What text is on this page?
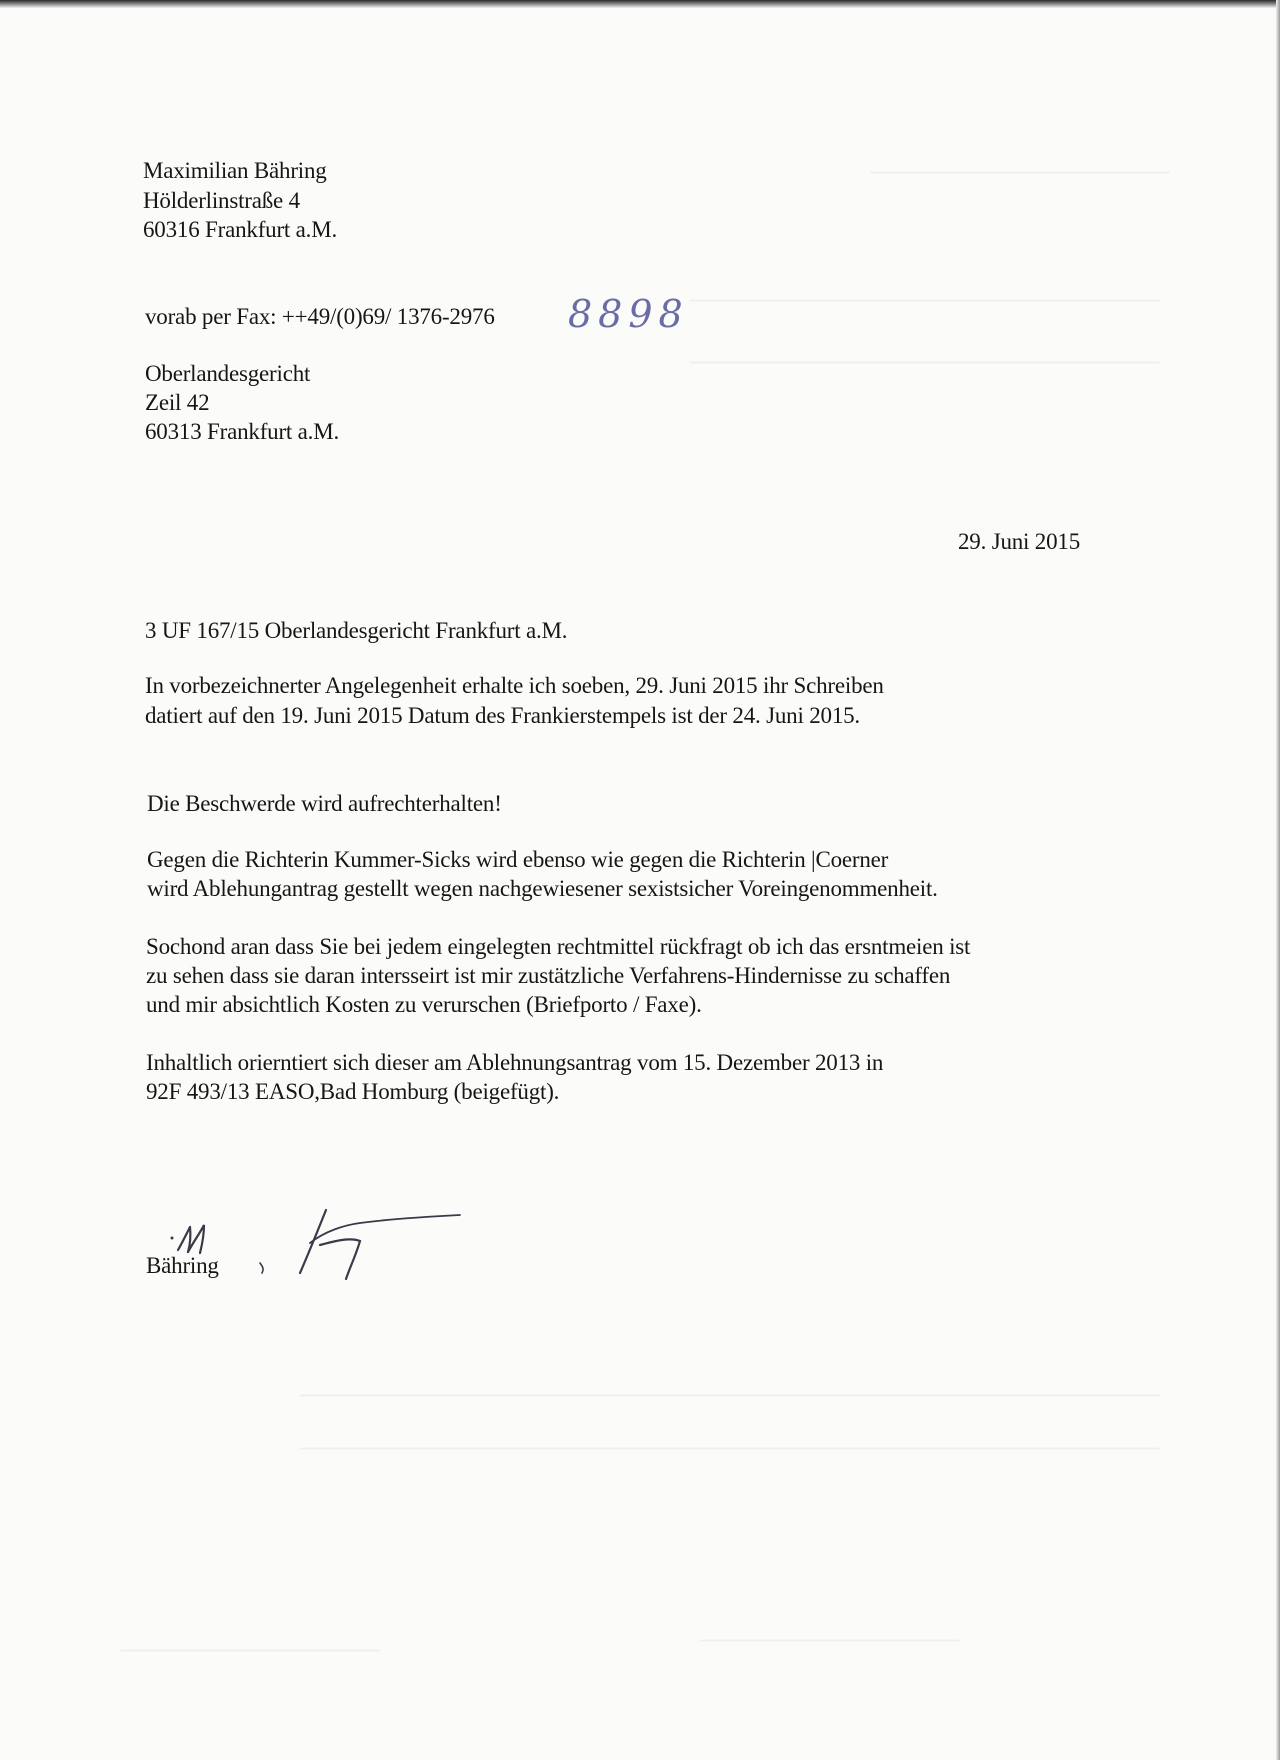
Maximilian Bähring
Hölderlinstraße 4
60316 Frankfurt a.M.
vorab per Fax: ++49/(0)69/ 1376-2976 8898
Oberlandesgericht
Zeil 42
60313 Frankfurt a.M.
29. Juni 2015
3 UF 167/15 Oberlandesgericht Frankfurt a.M.
In vorbezeichnerter Angelegenheit erhalte ich soeben, 29. Juni 2015 ihr Schreiben
datiert auf den 19. Juni 2015 Datum des Frankierstempels ist der 24. Juni 2015.
Die Beschwerde wird aufrechterhalten!
Gegen die Richterin Kummer-Sicks wird ebenso wie gegen die Richterin |Coerner
wird Ablehungantrag gestellt wegen nachgewiesener sexistsicher Voreingenommenheit.
Sochond aran dass Sie bei jedem eingelegten rechtmittel rückfragt ob ich das ersntmeien ist
zu sehen dass sie daran intersseirt ist mir zustätzliche Verfahrens-Hindernisse zu schaffen
und mir absichtlich Kosten zu verurschen (Briefporto / Faxe).
Inhaltlich orierntiert sich dieser am Ablehnungsantrag vom 15. Dezember 2013 in
92F 493/13 EASO,Bad Homburg (beigefügt).
Bähring
